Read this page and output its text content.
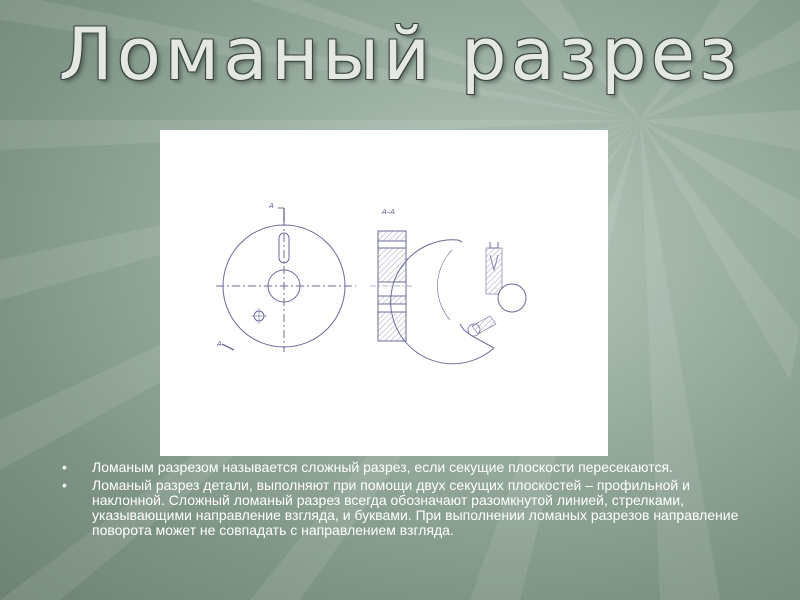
Ломаный разрез
А
А
А–А
• Ломаным разрезом называется сложный разрез, если секущие плоскости пересекаются.
• Ломаный разрез детали, выполняют при помощи двух секущих плоскостей – профильной и наклонной. Сложный ломаный разрез всегда обозначают разомкнутой линией, стрелками, указывающими направление взгляда, и буквами. При выполнении ломаных разрезов направление поворота может не совпадать с направлением взгляда.
